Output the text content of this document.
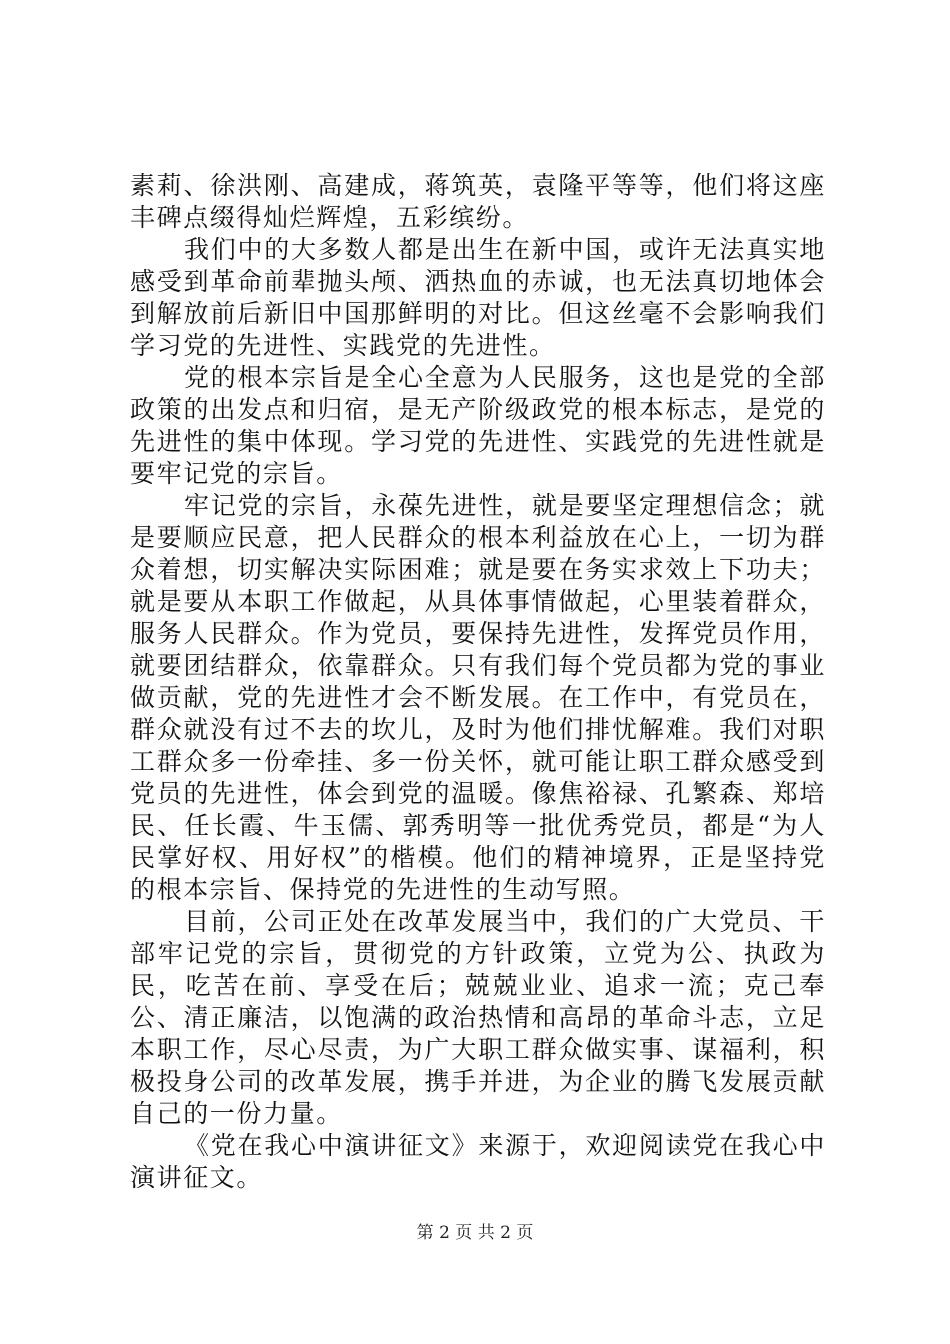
素莉、徐洪刚、高建成，蒋筑英，袁隆平等等，他们将这座丰碑点缀得灿烂辉煌，五彩缤纷。

我们中的大多数人都是出生在新中国，或许无法真实地感受到革命前辈抛头颅、洒热血的赤诚，也无法真切地体会到解放前后新旧中国那鲜明的对比。但这丝毫不会影响我们学习党的先进性、实践党的先进性。

党的根本宗旨是全心全意为人民服务，这也是党的全部政策的出发点和归宿，是无产阶级政党的根本标志，是党的先进性的集中体现。学习党的先进性、实践党的先进性就是要牢记党的宗旨。

牢记党的宗旨，永葆先进性，就是要坚定理想信念；就是要顺应民意，把人民群众的根本利益放在心上，一切为群众着想，切实解决实际困难；就是要在务实求效上下功夫；就是要从本职工作做起，从具体事情做起，心里装着群众，服务人民群众。作为党员，要保持先进性，发挥党员作用，就要团结群众，依靠群众。只有我们每个党员都为党的事业做贡献，党的先进性才会不断发展。在工作中，有党员在，群众就没有过不去的坎儿，及时为他们排忧解难。我们对职工群众多一份牵挂、多一份关怀，就可能让职工群众感受到党员的先进性，体会到党的温暖。像焦裕禄、孔繁森、郑培民、任长霞、牛玉儒、郭秀明等一批优秀党员，都是“为人民掌好权、用好权”的楷模。他们的精神境界，正是坚持党的根本宗旨、保持党的先进性的生动写照。

目前，公司正处在改革发展当中，我们的广大党员、干部牢记党的宗旨，贯彻党的方针政策，立党为公、执政为民，吃苦在前、享受在后；兢兢业业、追求一流；克己奉公、清正廉洁，以饱满的政治热情和高昂的革命斗志，立足本职工作，尽心尽责，为广大职工群众做实事、谋福利，积极投身公司的改革发展，携手并进，为企业的腾飞发展贡献自己的一份力量。

《党在我心中演讲征文》来源于，欢迎阅读党在我心中演讲征文。

第 2 页 共 2 页
